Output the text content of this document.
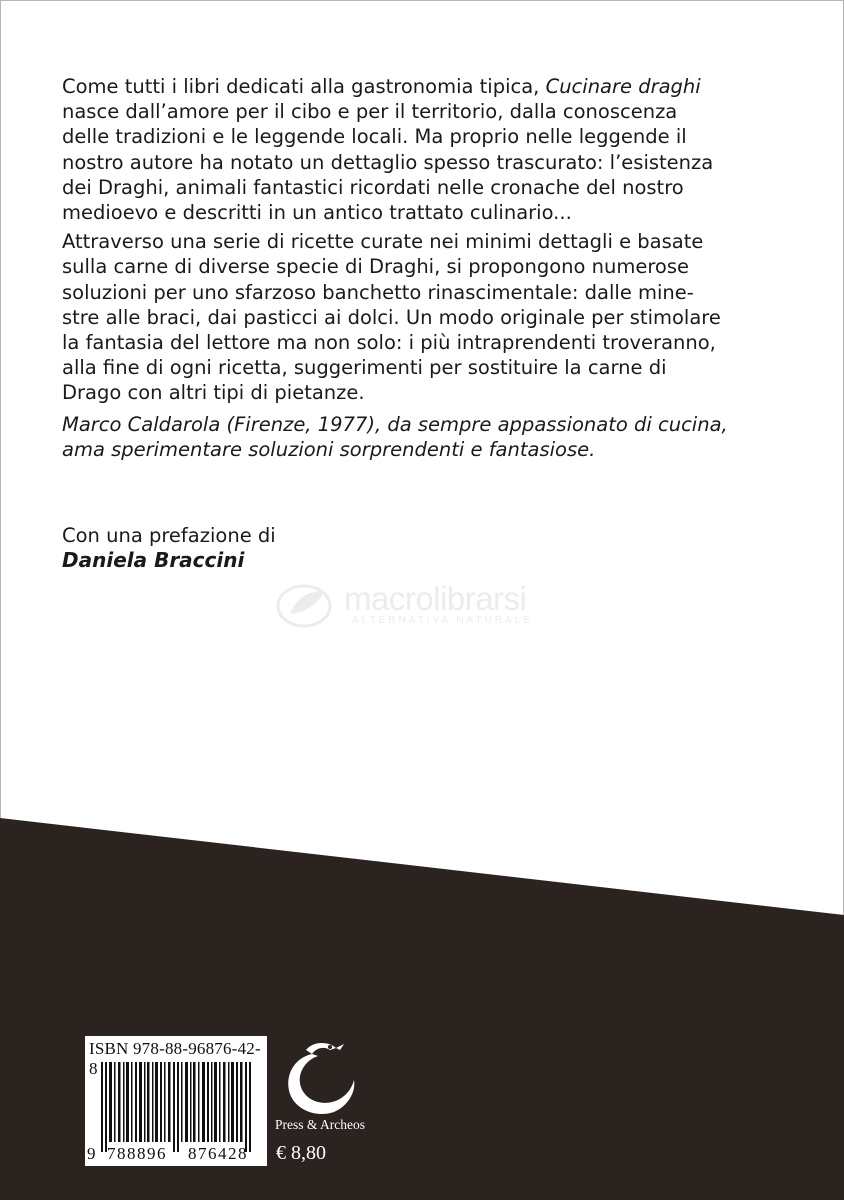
Come tutti i libri dedicati alla gastronomia tipica, Cucinare draghi
nasce dall’amore per il cibo e per il territorio, dalla conoscenza
delle tradizioni e le leggende locali. Ma proprio nelle leggende il
nostro autore ha notato un dettaglio spesso trascurato: l’esistenza
dei Draghi, animali fantastici ricordati nelle cronache del nostro
medioevo e descritti in un antico trattato culinario...

Attraverso una serie di ricette curate nei minimi dettagli e basate
sulla carne di diverse specie di Draghi, si propongono numerose
soluzioni per uno sfarzoso banchetto rinascimentale: dalle mine-
stre alle braci, dai pasticci ai dolci. Un modo originale per stimolare
la fantasia del lettore ma non solo: i più intraprendenti troveranno,
alla fine di ogni ricetta, suggerimenti per sostituire la carne di
Drago con altri tipi di pietanze.

Marco Caldarola (Firenze, 1977), da sempre appassionato di cucina,
ama sperimentare soluzioni sorprendenti e fantasiose.
Con una prefazione di
Daniela Braccini
macrolibrarsi
ALTERNATIVA NATURALE
ISBN 978-88-96876-42-8
9 788896 876428
Press & Archeos
€ 8,80
